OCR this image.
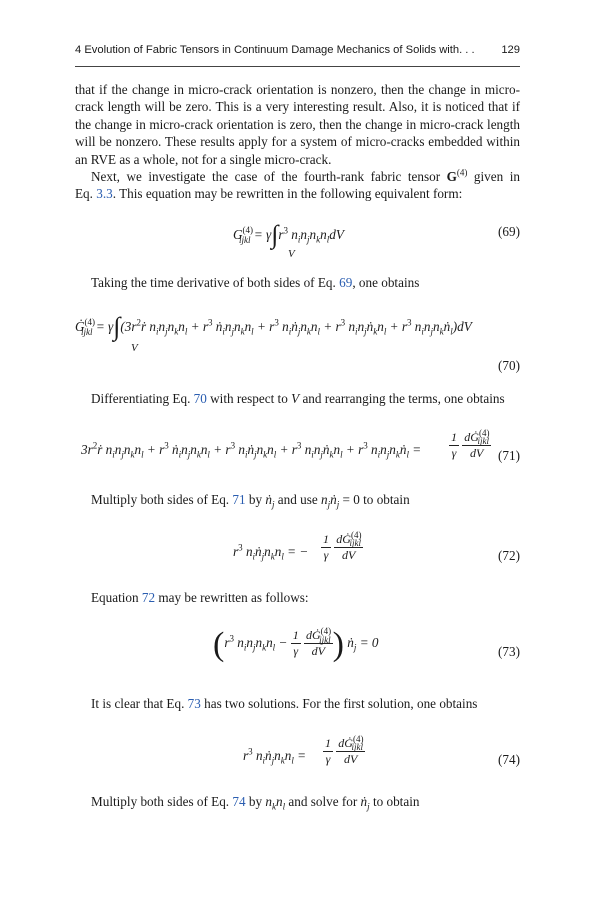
4 Evolution of Fabric Tensors in Continuum Damage Mechanics of Solids with. . . 129
that if the change in micro-crack orientation is nonzero, then the change in micro-
crack length will be zero. This is a very interesting result. Also, it is noticed that if
the change in micro-crack orientation is zero, then the change in micro-crack length
will be nonzero. These results apply for a system of micro-cracks embedded within
an RVE as a whole, not for a single micro-crack.
Next, we investigate the case of the fourth-rank fabric tensor $G^{(4)}$ given in
Eq. 3.3. This equation may be rewritten in the following equivalent form:
$G^{(4)}_{ijkl} = \gamma\int r^3$ $n_in_jn_kn_ldV$
V
(69)
Taking the time derivative of both sides of Eq. 69, one obtains
$Ġ^{(4)}_{ijkl}$ = $\gamma\int(3r^2ṙ$ $n_in_jn_kn_l + r^3$ $ṅ_in_jn_kn_l + r^3$ $n_iṅ_jn_kn_l + r^3$ $n_in_jṅ_kn_l + r^3$ $n_in_jn_kṅ_l)dV$
V
(70)
Differentiating Eq. 70 with respect to V and rearranging the terms, one obtains
$3r^2ṙ$ $n_in_jn_kn_l + r^3$ $ṅ_in_jn_kn_l + r^3$ $n_iṅ_jn_kn_l + r^3$ $n_in_jṅ_kn_l + r^3$ $n_in_jn_kṅ_l = \frac{1}{\gamma}$
$\frac{dĠ^{(4)}_{ijkl}}{dV} (71)$
Multiply both sides of Eq. 71 by ṅ$_j$ and use $n_jṅ_j = 0$ to obtain
$r^3$ $n_iṅ_jn_kn_l$ = − $\frac{1}{\gamma}$
$\frac{dĠ^{(4)}_{ijkl}}{dV}$	(72)
Equation 72 may be rewritten as follows:
($r^3$ $n_in_jn_kn_l - \frac{1}{\gamma}$
$\frac{dĠ^{(4)}_{ijkl}}{dV}$ ) ṅ$_j$ = 0
(73)
It is clear that Eq. 73 has two solutions. For the first solution, one obtains
$r^3$ $n_iṅ_jn_kn_l = \frac{1}{\gamma}$
$\frac{dĠ^{(4)}_{ijkl}}{dV}$	(74)
Multiply both sides of Eq. 74 by $n_kn_l$ and solve for ṅ$_j$ to obtain
